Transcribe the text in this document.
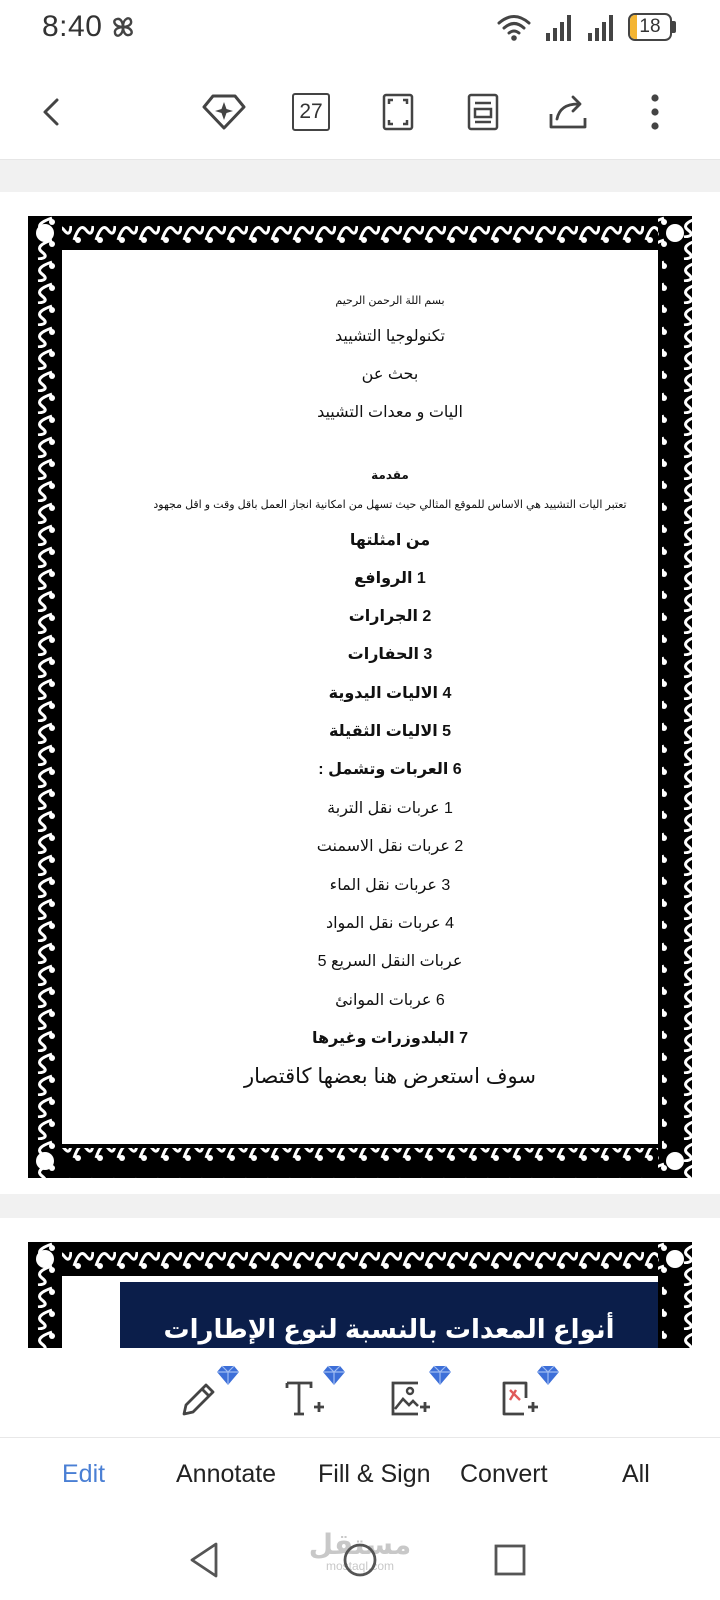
8:40	18
27
بسم اللة الرحمن الرحيم
تكنولوجيا التشييد
بحث عن
اليات و معدات التشييد
مقدمة
تعتبر اليات التشييد هي الاساس للموقع المثالي حيث تسهل من امكانية انجاز العمل باقل وقت و اقل مجهود
من امثلتها
1 الروافع
2 الجرارات
3 الحفارات
4 الاليات اليدوية
5 الاليات الثقيلة
6 العربات وتشمل :
1 عربات نقل التربة
2 عربات نقل الاسمنت
3 عربات نقل الماء
4 عربات نقل المواد
عربات النقل السريع 5
6 عربات الموانئ
7 البلدوزرات وغيرها
سوف استعرض هنا بعضها كاقتصار
أنواع المعدات بالنسبة لنوع الإطارات
Edit	Annotate Fill & Sign Convert	All
مستقل
mostaql.com
